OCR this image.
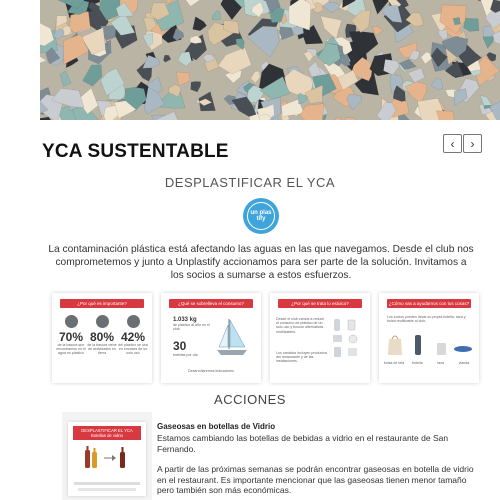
YCA SUSTENTABLE	‹	›
DESPLASTIFICAR EL YCA
un plas tify

La contaminación plástica está afectando las aguas en las que navegamos. Desde el club nos comprometemos y junto a Unplastify accionamos para ser parte de la solución. Invitamos a los socios a sumarse a estos esfuerzos.

¿Por qué es importante?
70%
de la basura que encontramos en el agua es plástico
80%
de la basura viene de actividades en tierra
42%
del plástico se usa en envases de un solo uso
¿Qué se sobrelleva el consumo?
1.033 kg
de plástico al año en el club
30
botellas por día
Desarrollaremos indicadores
¿Por qué se trata lo estoico?
Desde el club vamos a reducir el consumo de plástico de un solo uso y buscar alternativas reutilizables.
Los cambios incluyen productos del restaurante y de las instalaciones.
¿Cómo vas a ayudarnos con tus cosas?
Los socios pueden llevar su propia botella, taza y bolsa reutilizable al club.
bolsa de tela	botella	taza	vianda
ACCIONES
DESPLASTIFICAR EL YCA Botellas de vidrio
Gaseosas en botellas de Vidrio

Estamos cambiando las botellas de bebidas a vidrio en el restaurante de San Fernando.

A partir de las próximas semanas se podrán encontrar gaseosas en botella de vidrio en el restaurant. Es importante mencionar que las gaseosas tienen menor tamaño pero también son más económicas.
